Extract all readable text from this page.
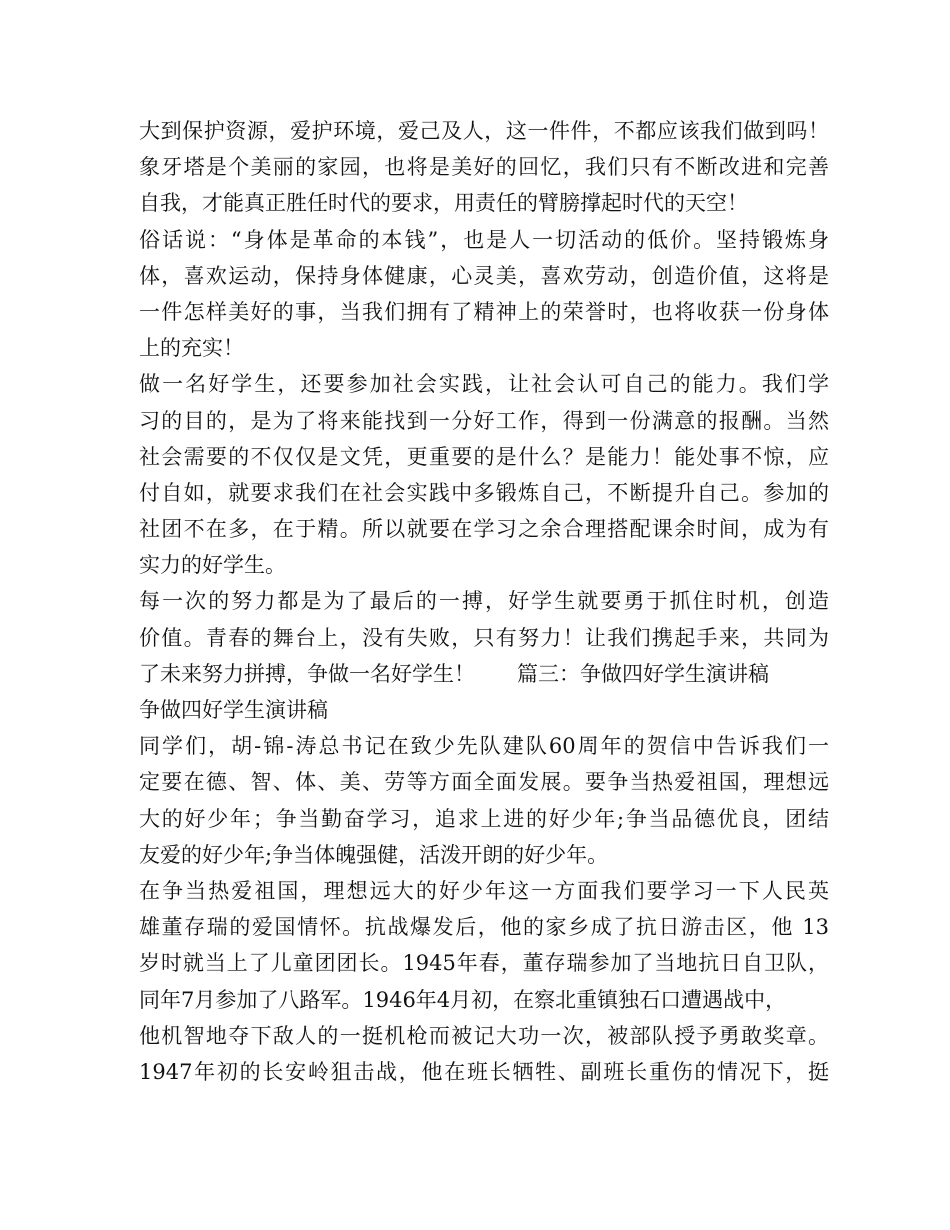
大到保护资源，爱护环境，爱己及人，这一件件，不都应该我们做到吗！
象牙塔是个美丽的家园，也将是美好的回忆，我们只有不断改进和完善
自我，才能真正胜任时代的要求，用责任的臂膀撑起时代的天空！
俗话说：“身体是革命的本钱”，也是人一切活动的低价。坚持锻炼身
体，喜欢运动，保持身体健康，心灵美，喜欢劳动，创造价值，这将是
一件怎样美好的事，当我们拥有了精神上的荣誉时，也将收获一份身体
上的充实！
做一名好学生，还要参加社会实践，让社会认可自己的能力。我们学
习的目的，是为了将来能找到一分好工作，得到一份满意的报酬。当然
社会需要的不仅仅是文凭，更重要的是什么？是能力！能处事不惊，应
付自如，就要求我们在社会实践中多锻炼自己，不断提升自己。参加的
社团不在多，在于精。所以就要在学习之余合理搭配课余时间，成为有
实力的好学生。
每一次的努力都是为了最后的一搏，好学生就要勇于抓住时机，创造
价值。青春的舞台上，没有失败，只有努力！让我们携起手来，共同为
了未来努力拼搏，争做一名好学生！　　篇三：争做四好学生演讲稿
争做四好学生演讲稿
同学们，胡-锦-涛总书记在致少先队建队60周年的贺信中告诉我们一
定要在德、智、体、美、劳等方面全面发展。要争当热爱祖国，理想远
大的好少年；争当勤奋学习，追求上进的好少年;争当品德优良，团结
友爱的好少年;争当体魄强健，活泼开朗的好少年。
在争当热爱祖国，理想远大的好少年这一方面我们要学习一下人民英
雄董存瑞的爱国情怀。抗战爆发后，他的家乡成了抗日游击区，他 13
岁时就当上了儿童团团长。1945年春，董存瑞参加了当地抗日自卫队，
同年7月参加了八路军。1946年4月初，在察北重镇独石口遭遇战中，
他机智地夺下敌人的一挺机枪而被记大功一次，被部队授予勇敢奖章。
1947年初的长安岭狙击战，他在班长牺牲、副班长重伤的情况下，挺
